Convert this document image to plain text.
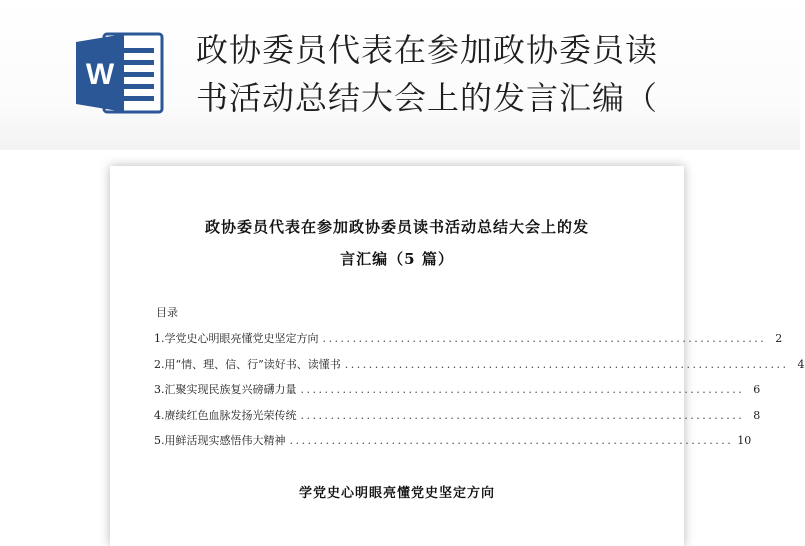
W
政协委员代表在参加政协委员读
书活动总结大会上的发言汇编（
政协委员代表在参加政协委员读书活动总结大会上的发
言汇编（5 篇）
目录
1.学党史心明眼亮懂党史坚定方向 .......................................................................... 2
2.用“情、理、信、行”读好书、读懂书 .......................................................................... 4
3.汇聚实现民族复兴磅礴力量 .......................................................................... 6
4.赓续红色血脉发扬光荣传统 .......................................................................... 8
5.用鲜活现实感悟伟大精神 .......................................................................... 10
学党史心明眼亮懂党史坚定方向
